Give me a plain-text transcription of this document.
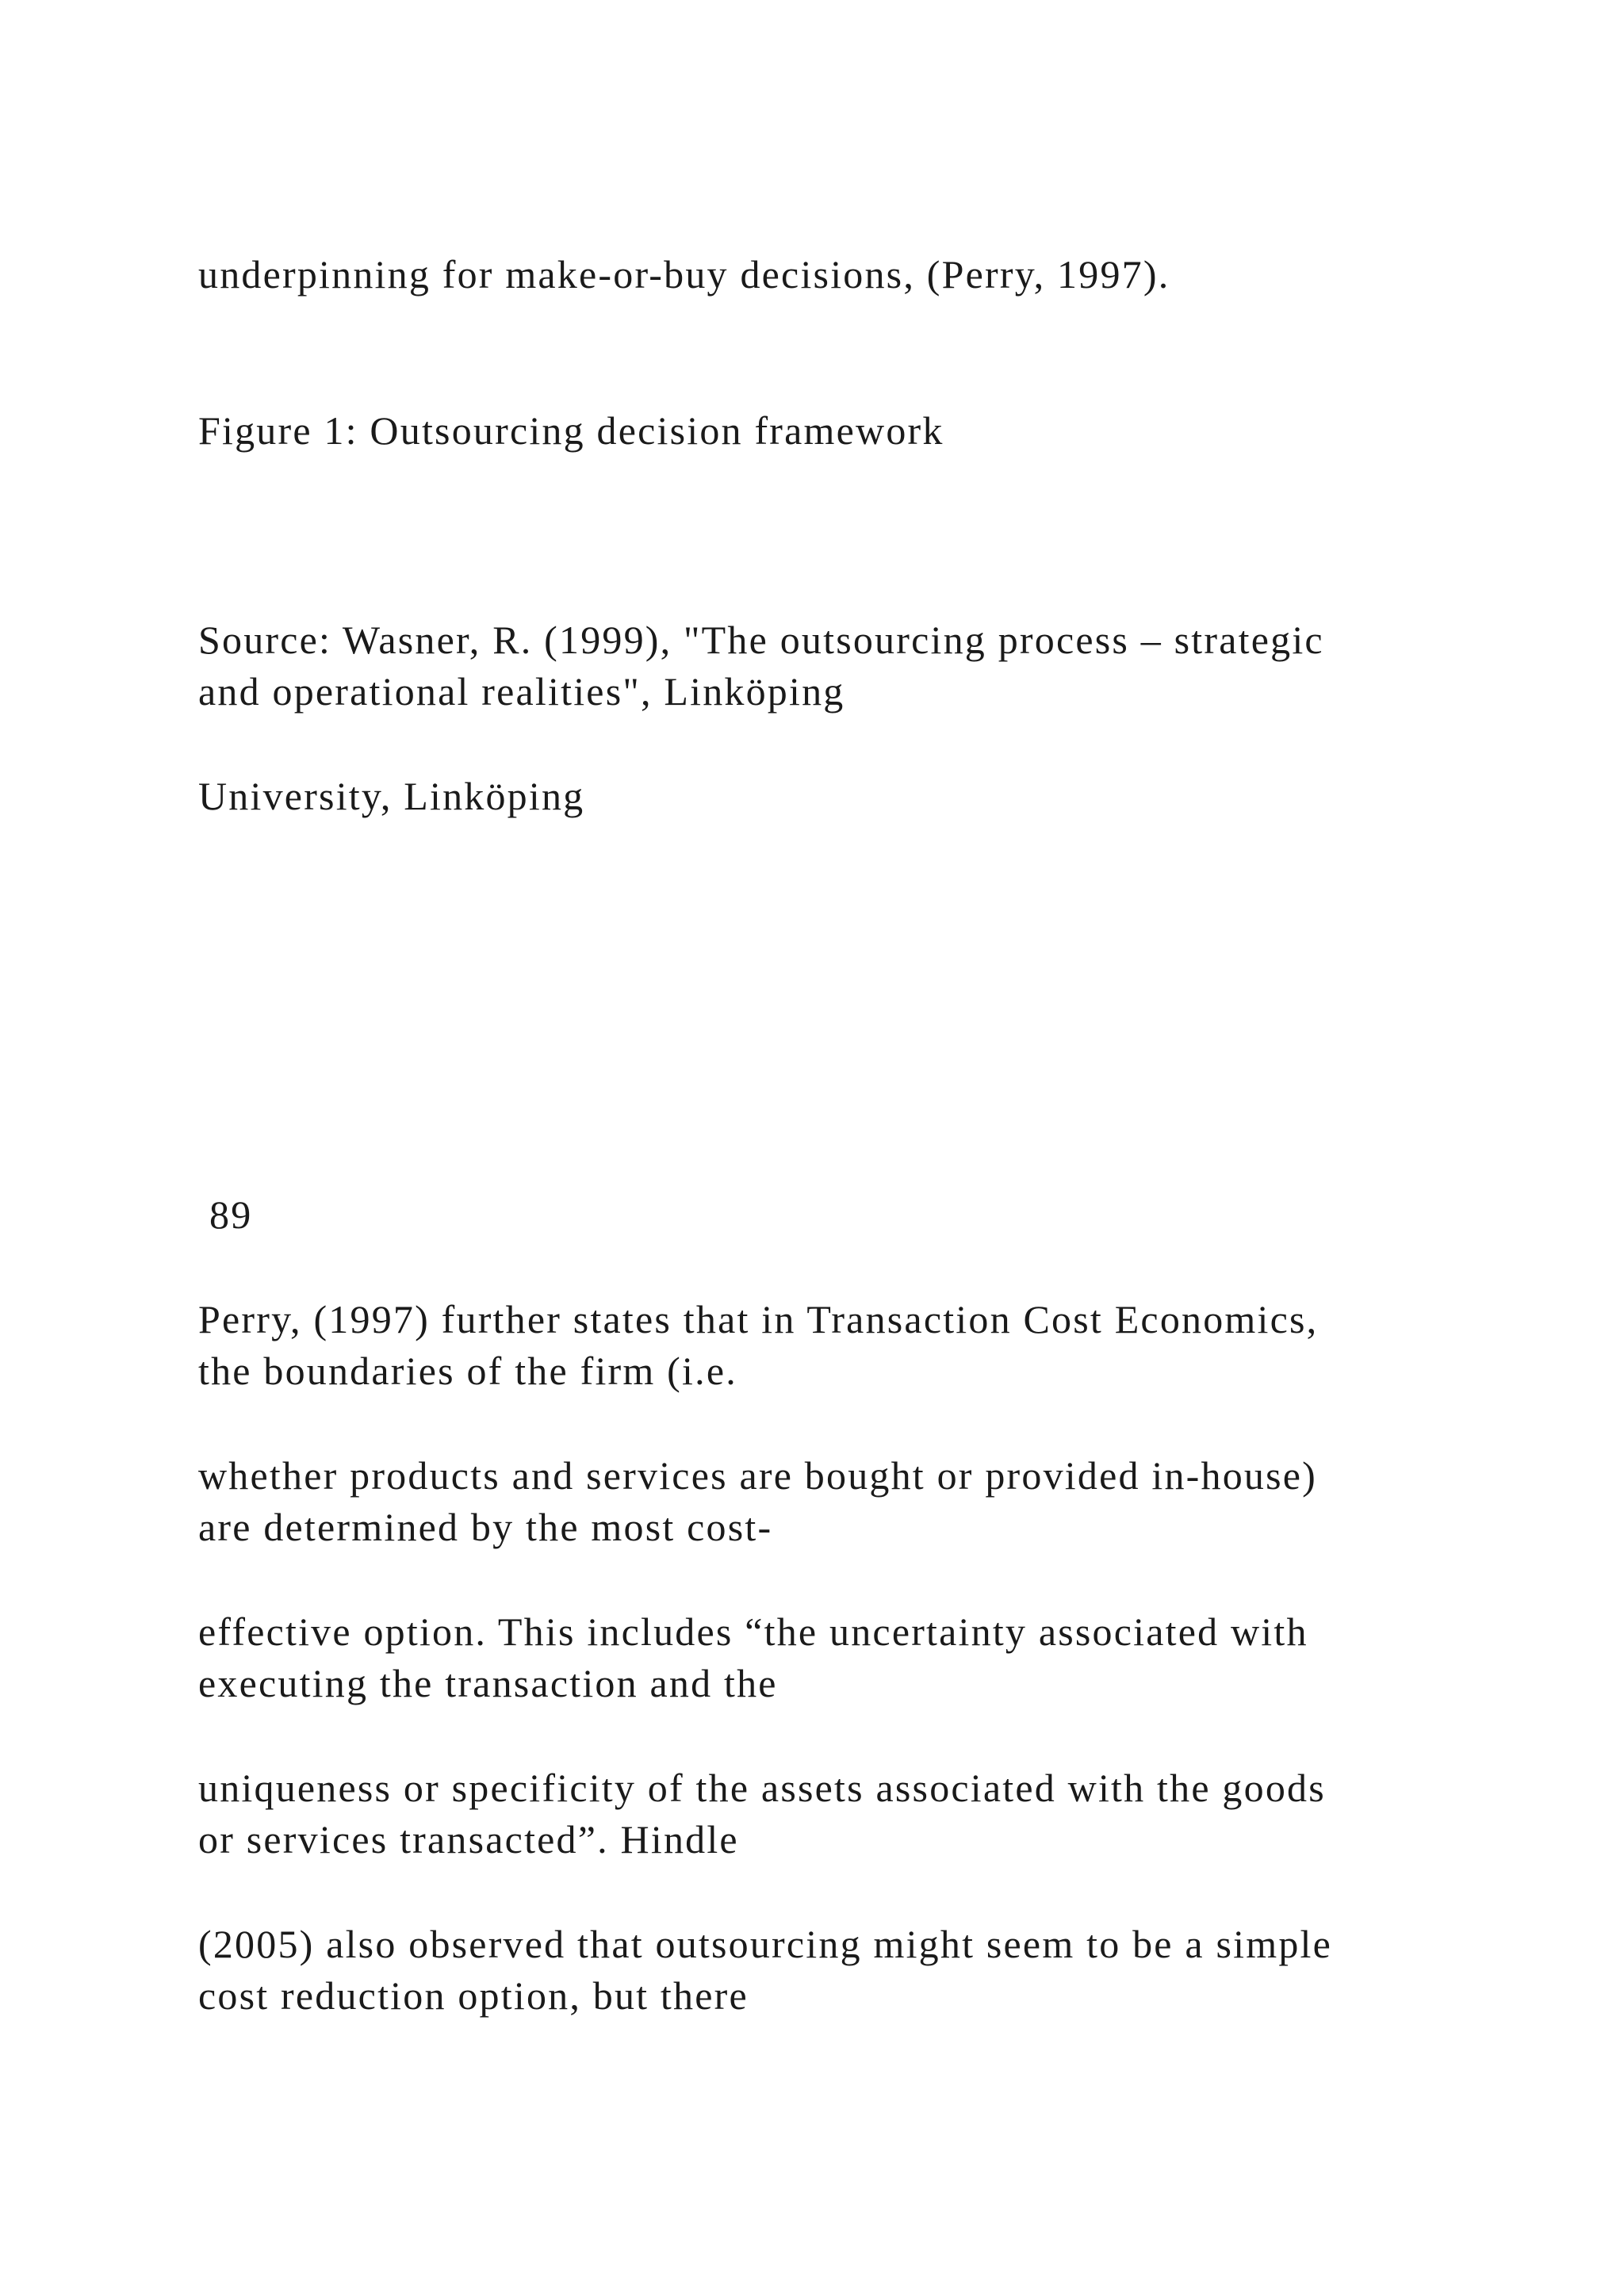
underpinning for make-or-buy decisions, (Perry, 1997).
Figure 1: Outsourcing decision framework
Source: Wasner, R. (1999), "The outsourcing process – strategic
and operational realities", Linköping
University, Linköping
89
Perry, (1997) further states that in Transaction Cost Economics,
the boundaries of the firm (i.e.
whether products and services are bought or provided in-house)
are determined by the most cost-
effective option. This includes “the uncertainty associated with
executing the transaction and the
uniqueness or specificity of the assets associated with the goods
or services transacted”. Hindle
(2005) also observed that outsourcing might seem to be a simple
cost reduction option, but there
